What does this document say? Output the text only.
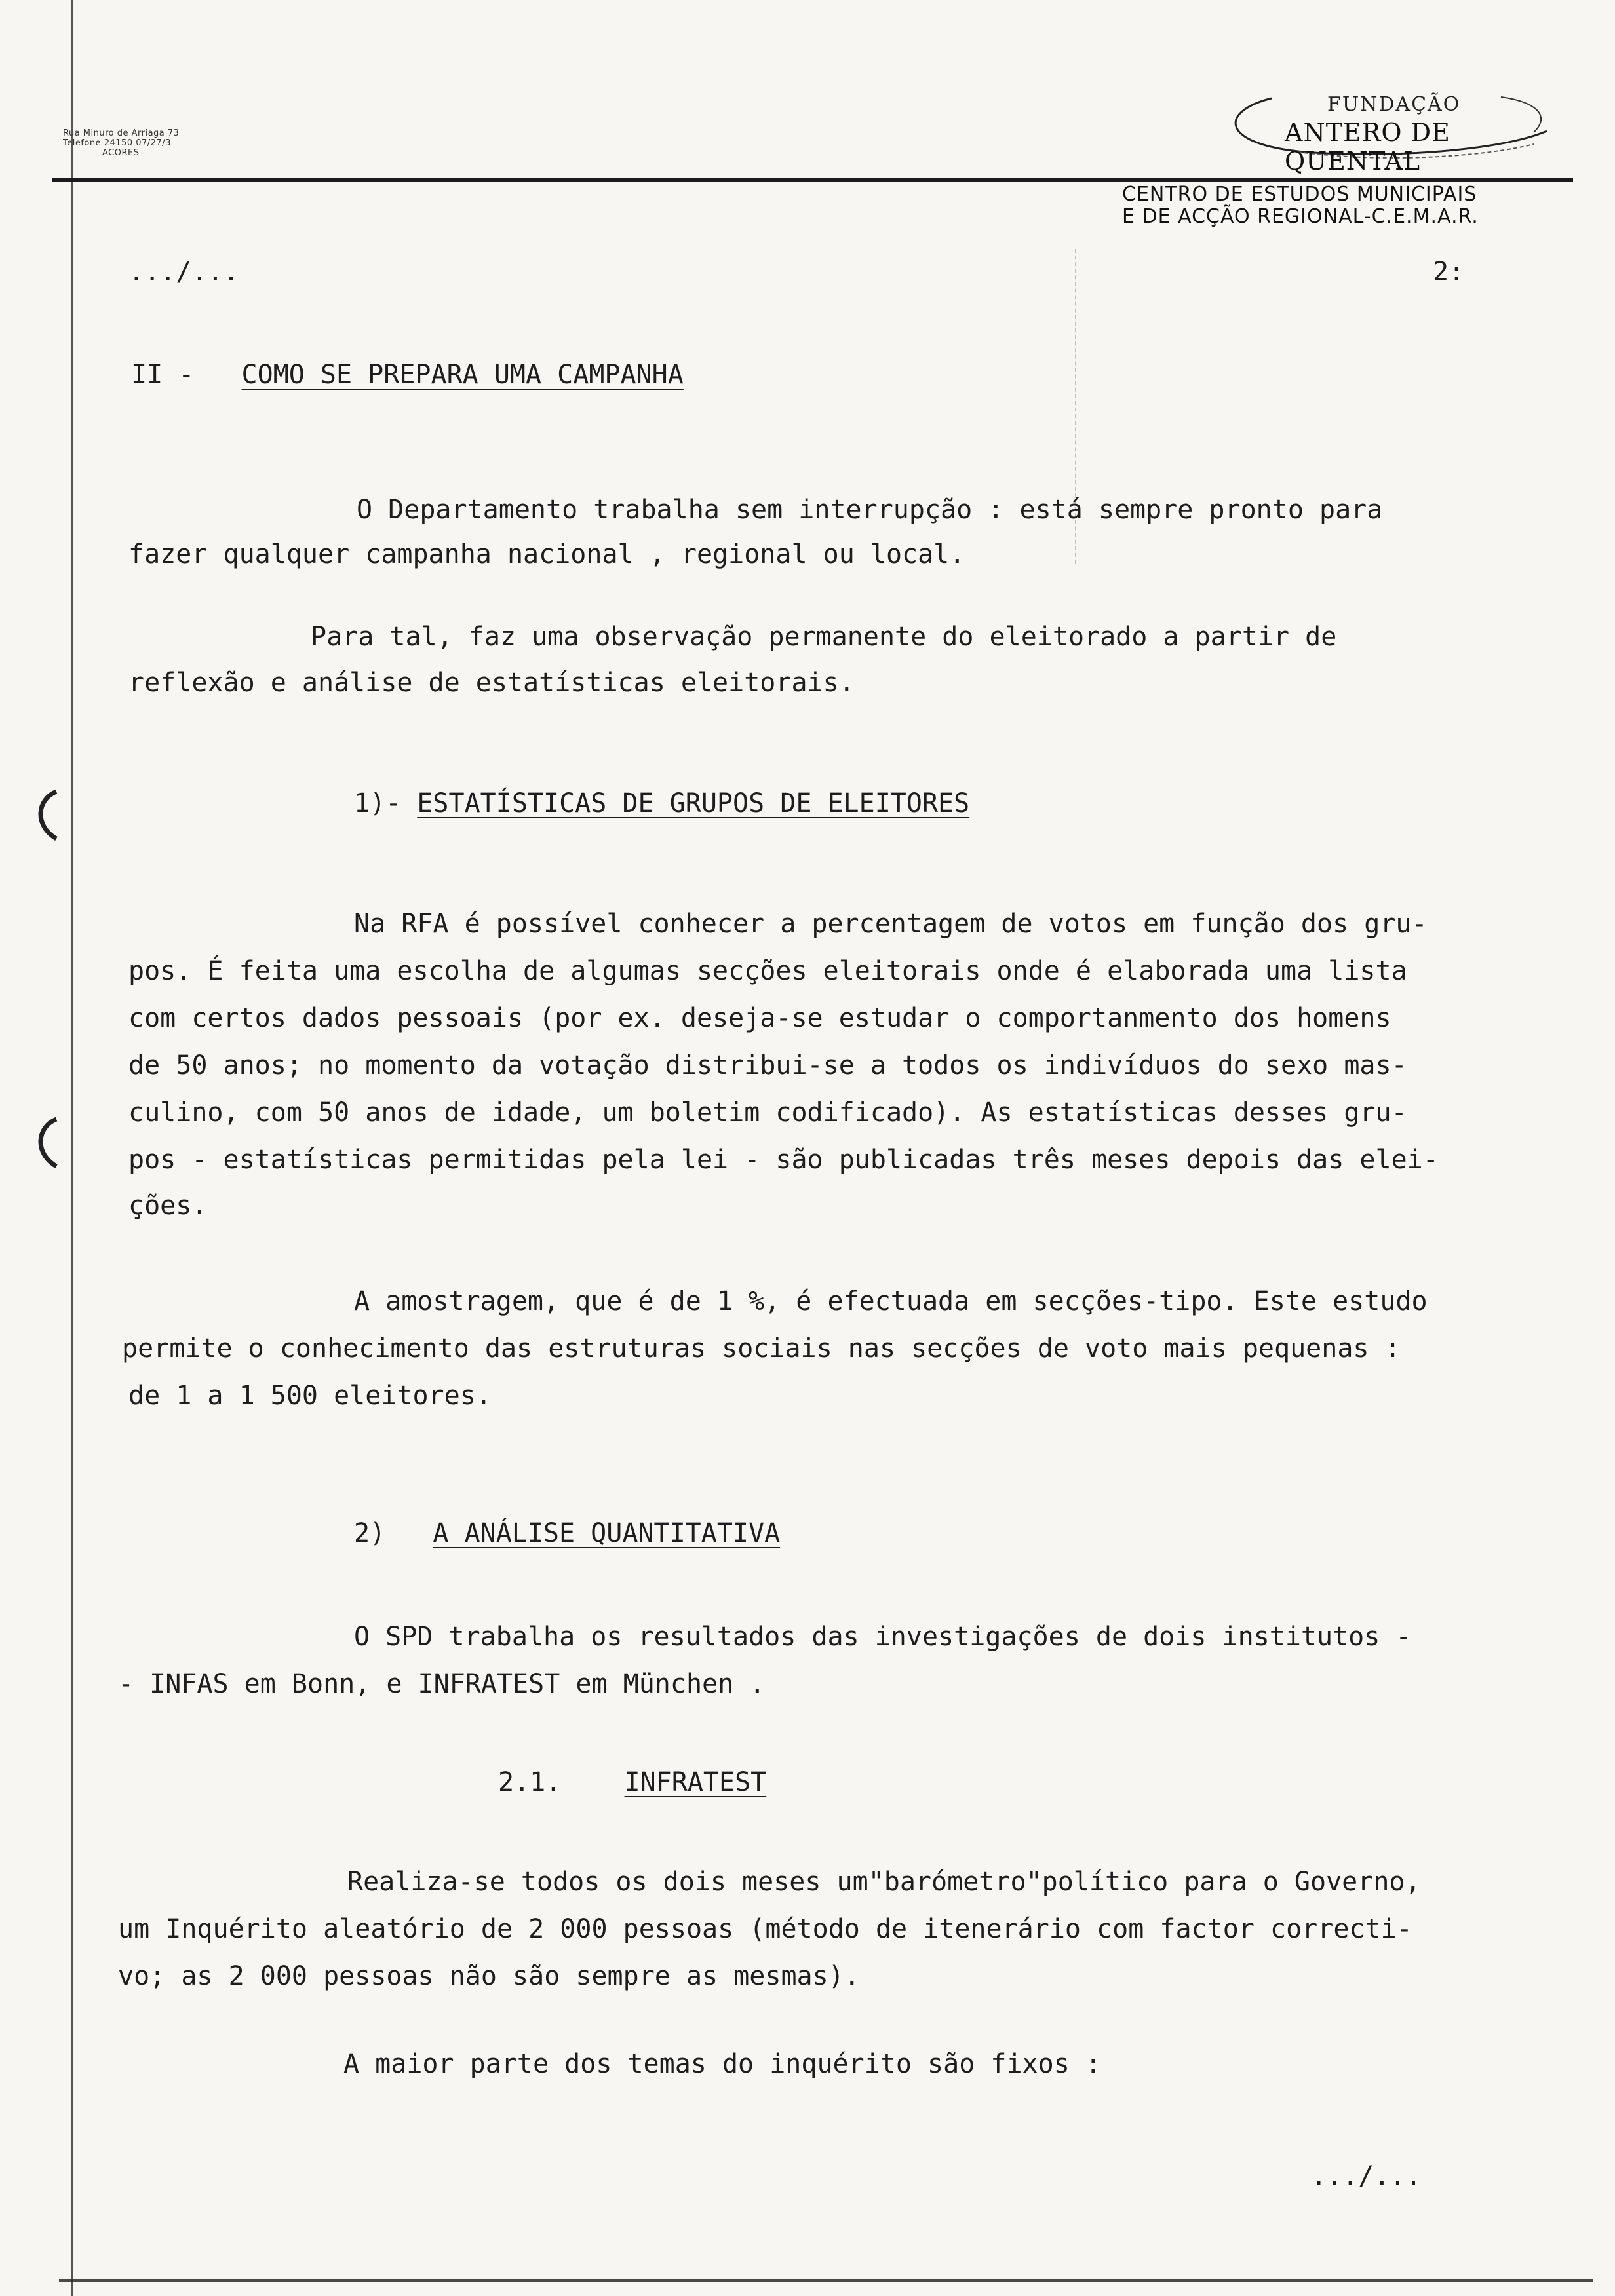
Rua Minuro de Arriaga 73
Telefone 24150 07/27/3
ACORES
FUNDAÇÃO
ANTERO DE QUENTAL
CENTRO DE ESTUDOS MUNICIPAIS
E DE ACÇÃO REGIONAL-C.E.M.A.R.
.../...	2:
II - COMO SE PREPARA UMA CAMPANHA
O Departamento trabalha sem interrupção : está sempre pronto para
fazer qualquer campanha nacional , regional ou local.
Para tal, faz uma observação permanente do eleitorado a partir de
reflexão e análise de estatísticas eleitorais.
1)- ESTATÍSTICAS DE GRUPOS DE ELEITORES
Na RFA é possível conhecer a percentagem de votos em função dos gru-
pos. É feita uma escolha de algumas secções eleitorais onde é elaborada uma lista
com certos dados pessoais (por ex. deseja-se estudar o comportanmento dos homens
de 50 anos; no momento da votação distribui-se a todos os indivíduos do sexo mas-
culino, com 50 anos de idade, um boletim codificado). As estatísticas desses gru-
pos - estatísticas permitidas pela lei - são publicadas três meses depois das elei-
ções.
A amostragem, que é de 1 %, é efectuada em secções-tipo. Este estudo
permite o conhecimento das estruturas sociais nas secções de voto mais pequenas :
de 1 a 1 500 eleitores.
2) A ANÁLISE QUANTITATIVA
O SPD trabalha os resultados das investigações de dois institutos -
- INFAS em Bonn, e INFRATEST em München .
2.1. INFRATEST
Realiza-se todos os dois meses um"barómetro"político para o Governo,
um Inquérito aleatório de 2 000 pessoas (método de itenerário com factor correcti-
vo; as 2 000 pessoas não são sempre as mesmas).
A maior parte dos temas do inquérito são fixos :
.../...
